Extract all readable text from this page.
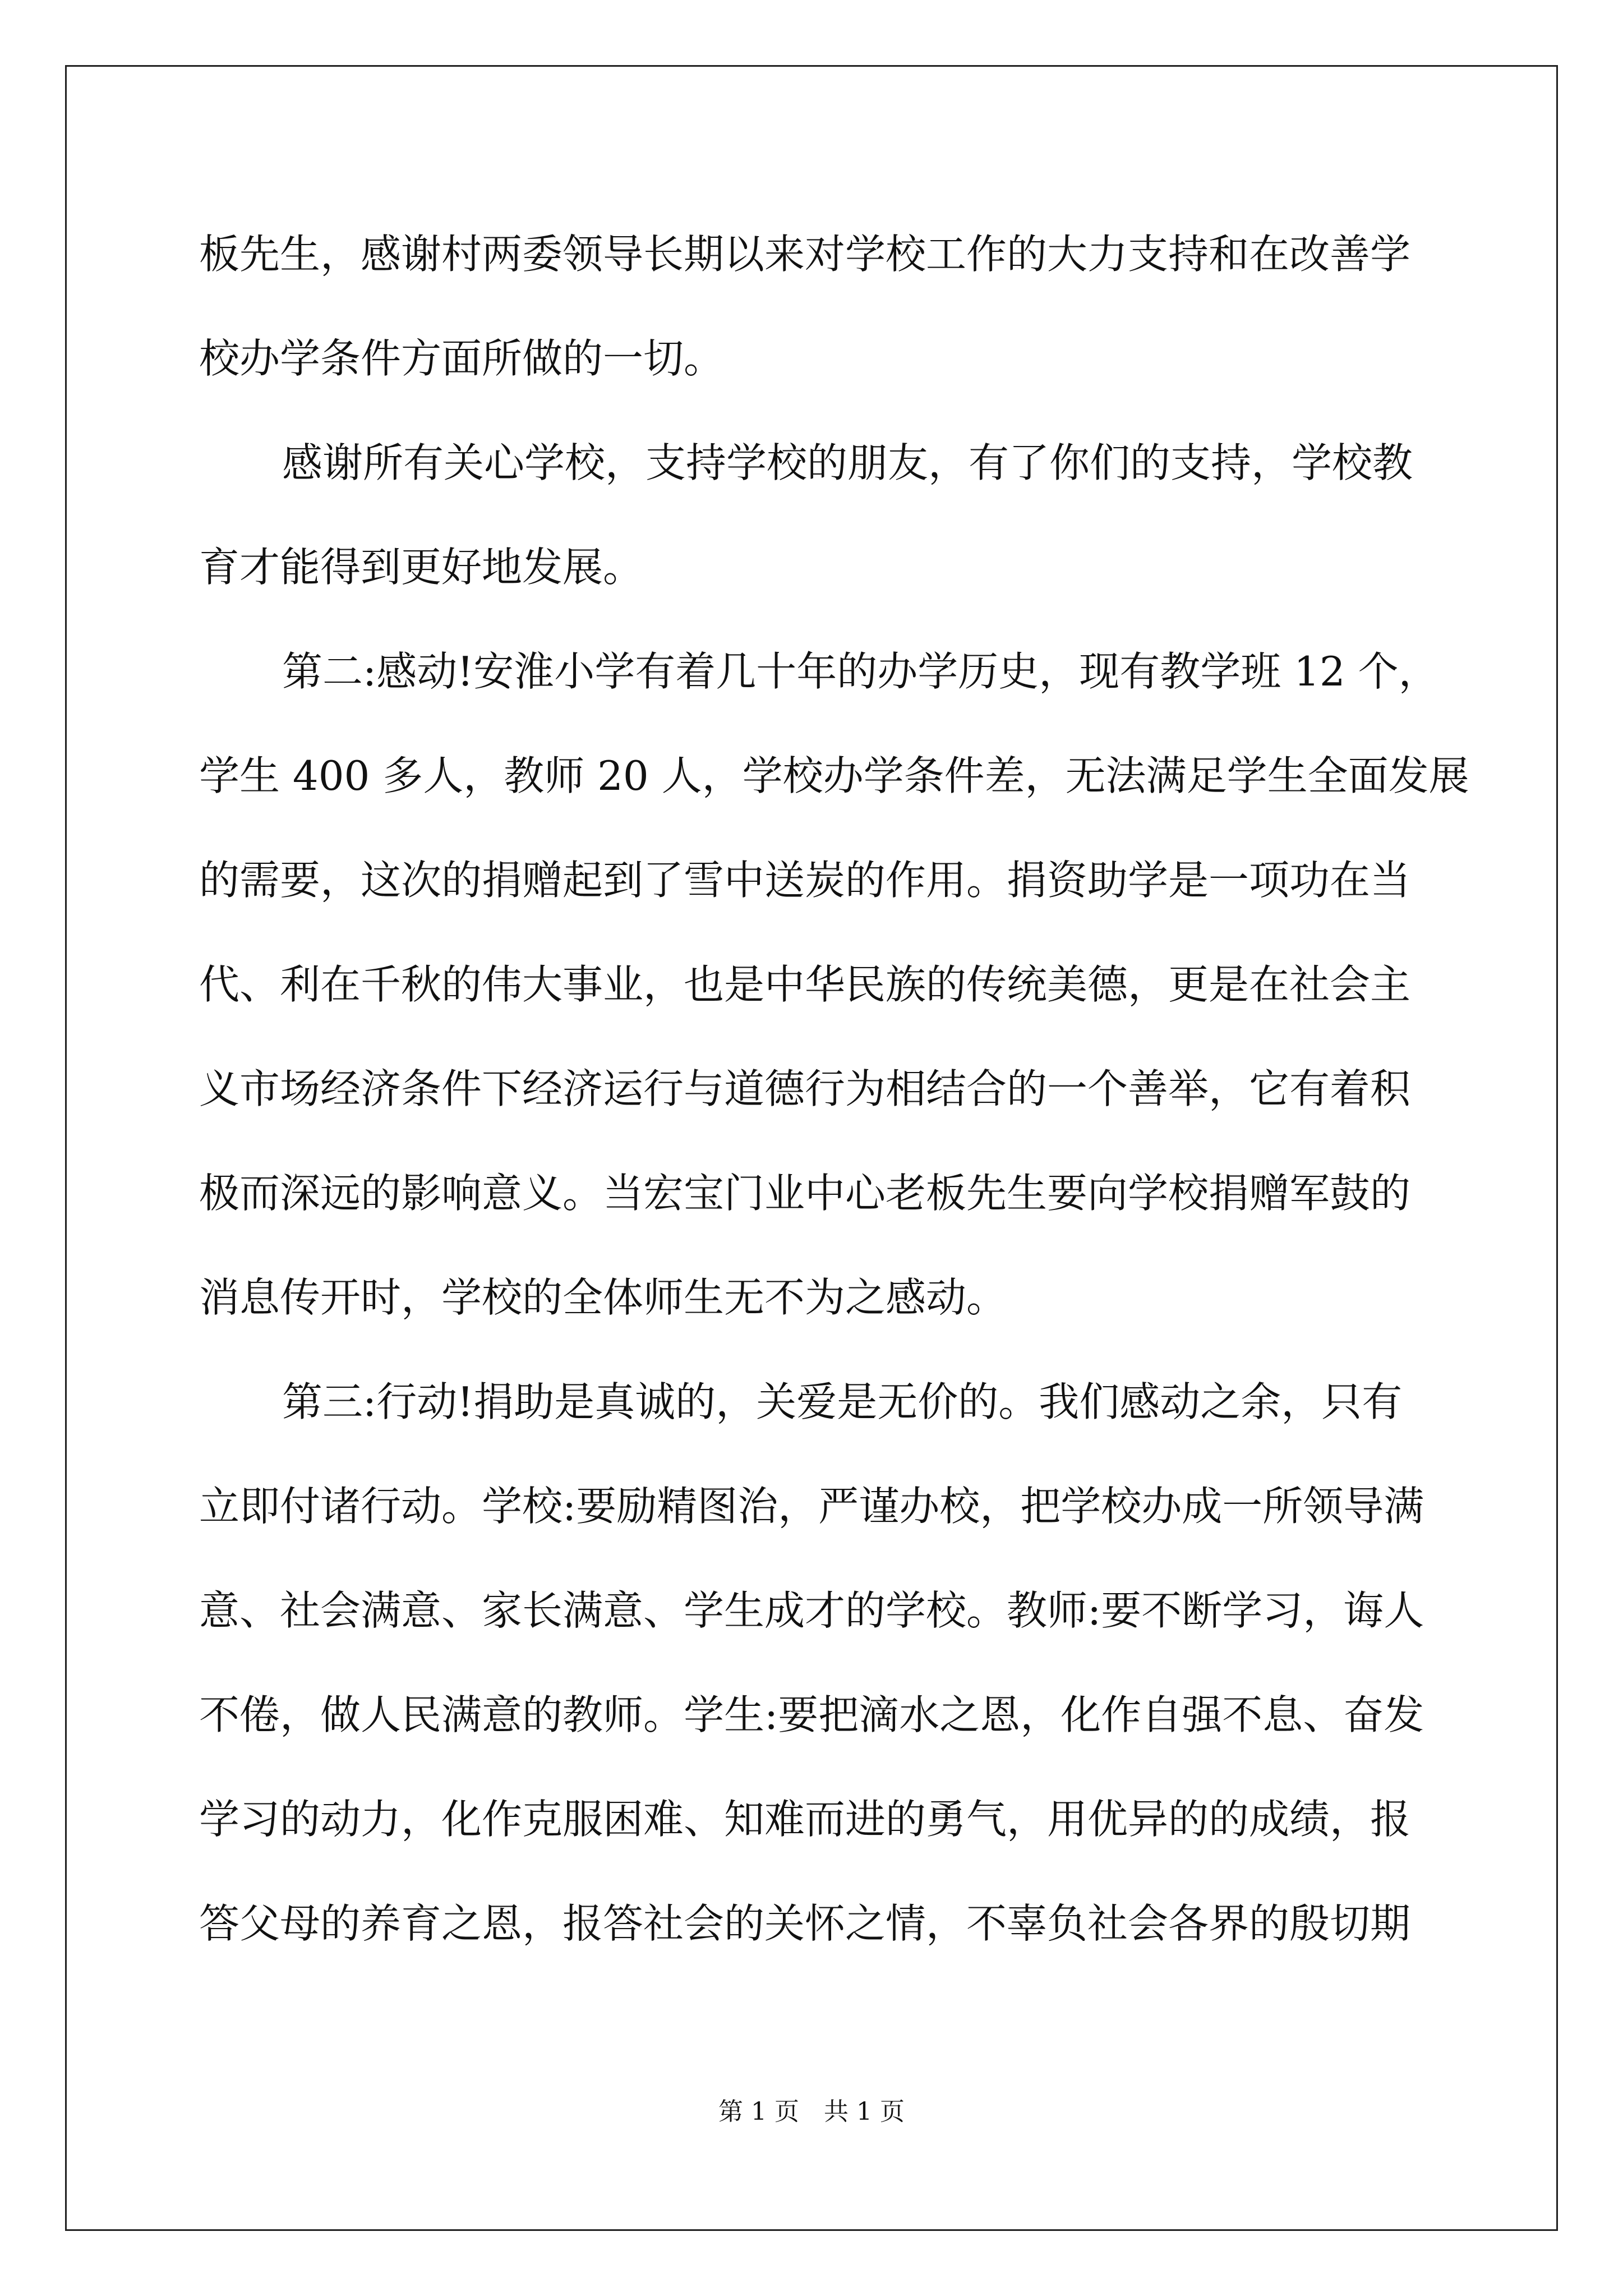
板先生，感谢村两委领导长期以来对学校工作的大力支持和在改善学
校办学条件方面所做的一切。
感谢所有关心学校，支持学校的朋友，有了你们的支持，学校教
育才能得到更好地发展。
第二:感动!安淮小学有着几十年的办学历史，现有教学班 12 个，
学生 400 多人，教师 20 人，学校办学条件差，无法满足学生全面发展
的需要，这次的捐赠起到了雪中送炭的作用。捐资助学是一项功在当
代、利在千秋的伟大事业，也是中华民族的传统美德，更是在社会主
义市场经济条件下经济运行与道德行为相结合的一个善举，它有着积
极而深远的影响意义。当宏宝门业中心老板先生要向学校捐赠军鼓的
消息传开时，学校的全体师生无不为之感动。
第三:行动!捐助是真诚的，关爱是无价的。我们感动之余，只有
立即付诸行动。学校:要励精图治，严谨办校，把学校办成一所领导满
意、社会满意、家长满意、学生成才的学校。教师:要不断学习，诲人
不倦，做人民满意的教师。学生:要把滴水之恩，化作自强不息、奋发
学习的动力，化作克服困难、知难而进的勇气，用优异的的成绩，报
答父母的养育之恩，报答社会的关怀之情，不辜负社会各界的殷切期
第 1 页 共 1 页
